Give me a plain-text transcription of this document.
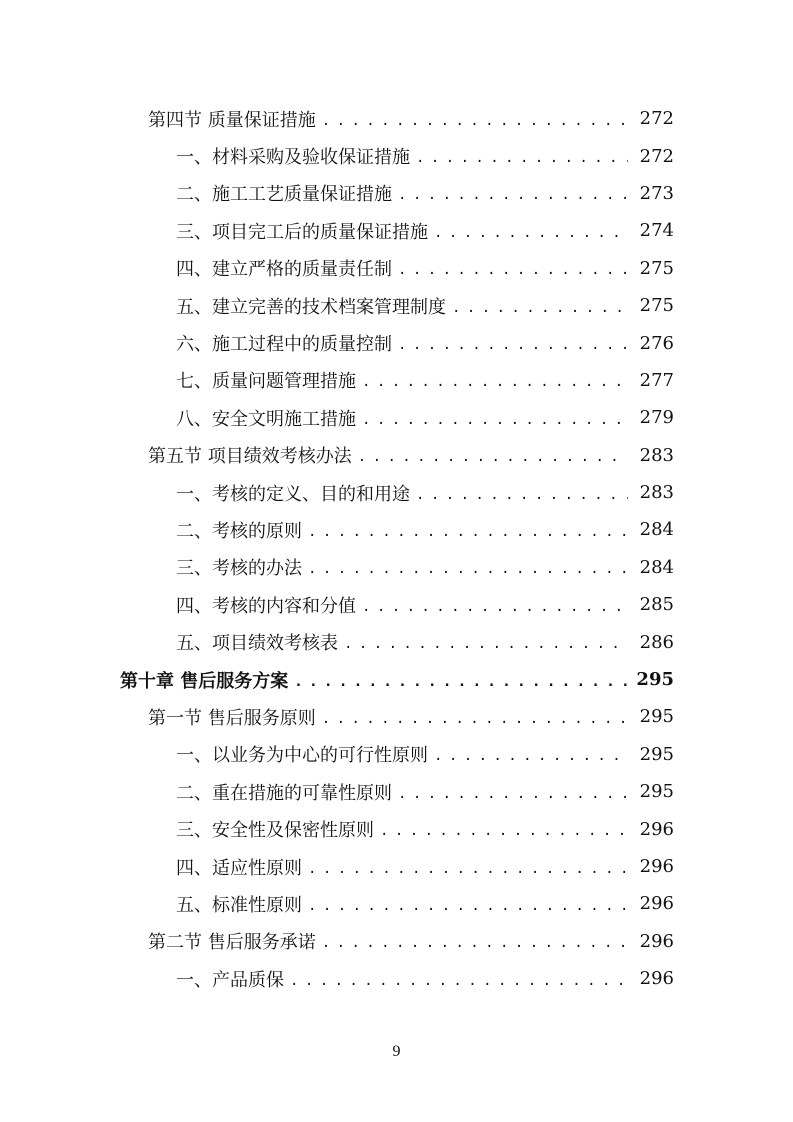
第四节 质量保证措施 . . .	272
一、材料采购及验收保证措施 . . .	272
二、施工工艺质量保证措施 . . .	273
三、项目完工后的质量保证措施 . . .	274
四、建立严格的质量责任制 . . .	275
五、建立完善的技术档案管理制度 . . .	275
六、施工过程中的质量控制 . . .	276
七、质量问题管理措施 . . .	277
八、安全文明施工措施 . . .	279
第五节 项目绩效考核办法 . . .	283
一、考核的定义、目的和用途 . . .	283
二、考核的原则 . . .	284
三、考核的办法 . . .	284
四、考核的内容和分值 . . .	285
五、项目绩效考核表 . . .	286
第十章 售后服务方案 . . .	295
第一节 售后服务原则 . . .	295
一、以业务为中心的可行性原则 . . .	295
二、重在措施的可靠性原则 . . .	295
三、安全性及保密性原则 . . .	296
四、适应性原则 . . .	296
五、标准性原则 . . .	296
第二节 售后服务承诺 . . .	296
一、产品质保 . . .	296
9
